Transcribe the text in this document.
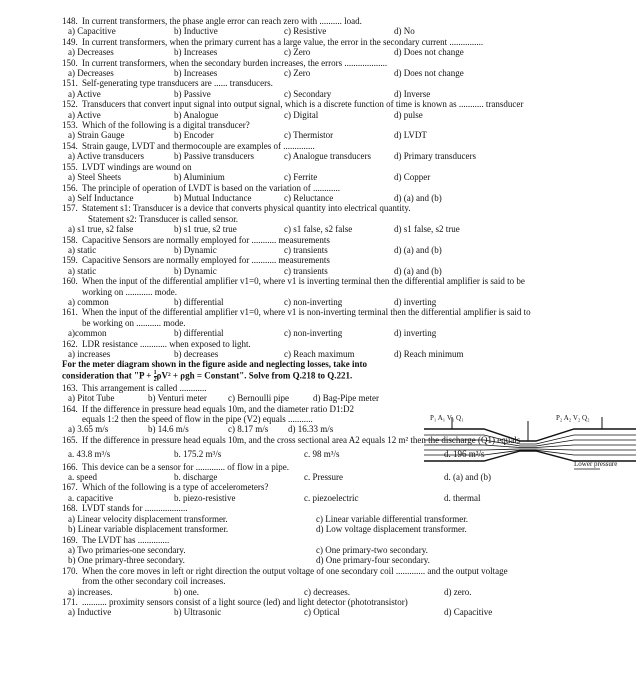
148. In current transformers, the phase angle error can reach zero with .......... load.

a) Capacitive	b) Inductive	c) Resistive	d) No

149. In current transformers, when the primary current has a large value, the error in the secondary current ...............

a) Decreases	b) Increases	c) Zero	d) Does not change

150. In current transformers, when the secondary burden increases, the errors ...................

a) Decreases	b) Increases	c) Zero	d) Does not change

151. Self-generating type transducers are ...... transducers.

a) Active	b) Passive	c) Secondary	d) Inverse

152. Transducers that convert input signal into output signal, which is a discrete function of time is known as ........... transducer

a) Active	b) Analogue	c) Digital	d) pulse

153. Which of the following is a digital transducer?

a) Strain Gauge	b) Encoder	c) Thermistor	d) LVDT

154. Strain gauge, LVDT and thermocouple are examples of ..............

a) Active transducers	b) Passive transducers	c) Analogue transducers	d) Primary transducers

155. LVDT windings are wound on

a) Steel Sheets	b) Aluminium	c) Ferrite	d) Copper

156. The principle of operation of LVDT is based on the variation of ............

a) Self Inductance	b) Mutual Inductance	c) Reluctance	d) (a) and (b)

157. Statement s1: Transducer is a device that converts physical quantity into electrical quantity.

Statement s2: Transducer is called sensor.

a) s1 true, s2 false	b) s1 true, s2 true	c) s1 false, s2 false	d) s1 false, s2 true

158. Capacitive Sensors are normally employed for ........... measurements

a) static	b) Dynamic	c) transients	d) (a) and (b)

159. Capacitive Sensors are normally employed for ........... measurements

a) static	b) Dynamic	c) transients	d) (a) and (b)

160. When the input of the differential amplifier v1=0, where v1 is inverting terminal then the differential amplifier is said to be

working on ............ mode.

a) common	b) differential	c) non-inverting	d) inverting

161. When the input of the differential amplifier v1=0, where v1 is non-inverting terminal then the differential amplifier is said to

be working on ........... mode.

a)common	b) differential	c) non-inverting	d) inverting

162. LDR resistance ............ when exposed to light.

a) increases	b) decreases	c) Reach maximum	d) Reach minimum

For the meter diagram shown in the figure aside and neglecting losses, take into

consideration that "$P + \frac{1}{2} \rho V^2 + \rho gh$ = Constant". Solve from Q.218 to Q.221.

163. This arrangement is called ............

a) Pitot Tube	b) Venturi meter	c) Bernoulli pipe	d) Bag-Pipe meter

164. If the difference in pressure head equals 10m, and the diameter ratio D1:D2

equals 1:2 then the speed of flow in the pipe (V2) equals ...........

a) 3.65 m/s	b) 14.6 m/s	c) 8.17 m/s	d) 16.33 m/s

165. If the difference in pressure head equals 10m, and the cross sectional area A2 equals 12 m² then the discharge (Q1) equals

a. 43.8 m³/s	b. 175.2 m³/s	c. 98 m³/s	d. 196 m³/s

166. This device can be a sensor for ............. of flow in a pipe.

a. speed	b. discharge	c. Pressure	d. (a) and (b)

167. Which of the following is a type of accelerometers?

a. capacitive	b. piezo-resistive	c. piezoelectric	d. thermal

168. LVDT stands for ...................

a) Linear velocity displacement transformer.	c) Linear variable differential transformer.
b) Linear variable displacement transformer.	d) Low voltage displacement transformer.

169. The LVDT has ..............

a) Two primaries-one secondary.	c) One primary-two secondary.
b) One primary-three secondary.	d) One primary-four secondary.

170. When the core moves in left or right direction the output voltage of one secondary coil ............. and the output voltage

from the other secondary coil increases.

a) increases.	b) one.	c) decreases.	d) zero.

171. ........... proximity sensors consist of a light source (led) and light detector (phototransistor)

a) Inductive	b) Ultrasonic	c) Optical	d) Capacitive
P₁ A₁ V₁ Q₁	P₂ A₂ V₂ Q₂
Lower pressure
